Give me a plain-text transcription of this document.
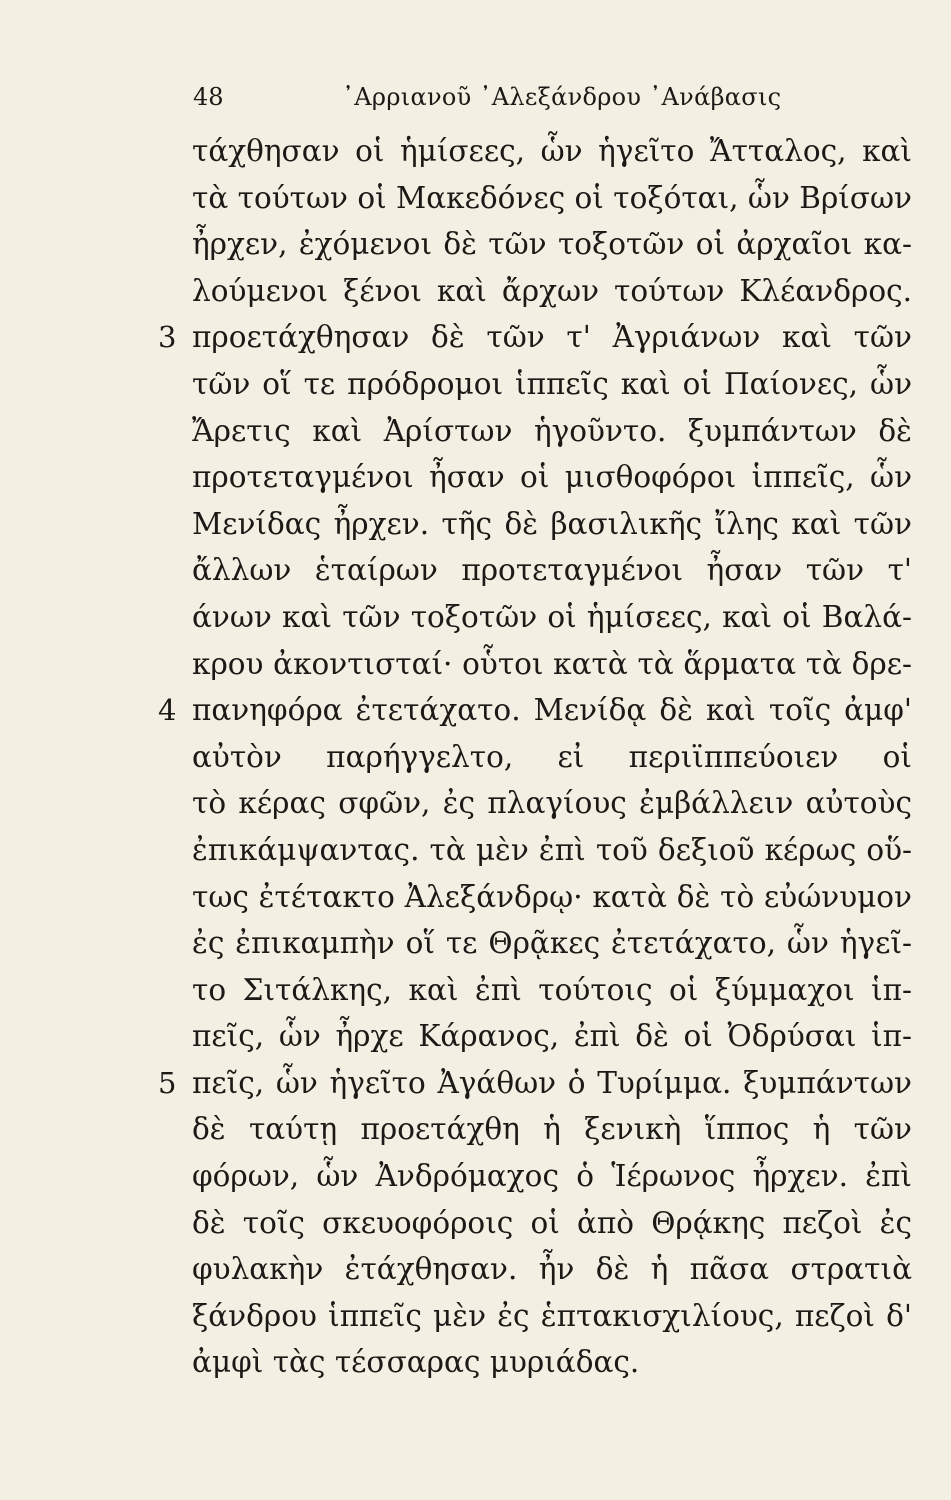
48	᾿Αρριανοῦ ᾿Αλεξάνδρου ᾿Ανάβασις
τάχθησαν οἱ ἡμίσεες, ὧν ἡγεῖτο Ἄτταλος, καὶ
τὰ τούτων οἱ Μακεδόνες οἱ τοξόται, ὧν Βρίσων
ἦρχεν, ἐχόμενοι δὲ τῶν τοξοτῶν οἱ ἀρχαῖοι κα-
λούμενοι ξένοι καὶ ἄρχων τούτων Κλέανδρος.
3 προετάχθησαν δὲ τῶν τ' Ἀγριάνων καὶ τῶν
τῶν οἵ τε πρόδρομοι ἱππεῖς καὶ οἱ Παίονες, ὧν
Ἄρετις καὶ Ἀρίστων ἡγοῦντο. ξυμπάντων δὲ
προτεταγμένοι ἦσαν οἱ μισθοφόροι ἱππεῖς, ὧν
Μενίδας ἦρχεν. τῆς δὲ βασιλικῆς ἴλης καὶ τῶν
ἄλλων ἑταίρων προτεταγμένοι ἦσαν τῶν τ'
άνων καὶ τῶν τοξοτῶν οἱ ἡμίσεες, καὶ οἱ Βαλά-
κρου ἀκοντισταί· οὗτοι κατὰ τὰ ἅρματα τὰ δρε-
4 πανηφόρα ἐτετάχατο. Μενίδᾳ δὲ καὶ τοῖς ἀμφ'
αὐτὸν παρήγγελτο, εἰ περιϊππεύοιεν οἱ
τὸ κέρας σφῶν, ἐς πλαγίους ἐμβάλλειν αὐτοὺς
ἐπικάμψαντας. τὰ μὲν ἐπὶ τοῦ δεξιοῦ κέρως οὕ-
τως ἐτέτακτο Ἀλεξάνδρῳ· κατὰ δὲ τὸ εὐώνυμον
ἐς ἐπικαμπὴν οἵ τε Θρᾷκες ἐτετάχατο, ὧν ἡγεῖ-
το Σιτάλκης, καὶ ἐπὶ τούτοις οἱ ξύμμαχοι ἱπ-
πεῖς, ὧν ἦρχε Κάρανος, ἐπὶ δὲ οἱ Ὀδρύσαι ἱπ-
5 πεῖς, ὧν ἡγεῖτο Ἀγάθων ὁ Τυρίμμα. ξυμπάντων
δὲ ταύτῃ προετάχθη ἡ ξενικὴ ἵππος ἡ τῶν
φόρων, ὧν Ἀνδρόμαχος ὁ Ἱέρωνος ἦρχεν. ἐπὶ
δὲ τοῖς σκευοφόροις οἱ ἀπὸ Θρᾴκης πεζοὶ ἐς
φυλακὴν ἐτάχθησαν. ἦν δὲ ἡ πᾶσα στρατιὰ
ξάνδρου ἱππεῖς μὲν ἐς ἑπτακισχιλίους, πεζοὶ δ'
ἀμφὶ τὰς τέσσαρας μυριάδας.
